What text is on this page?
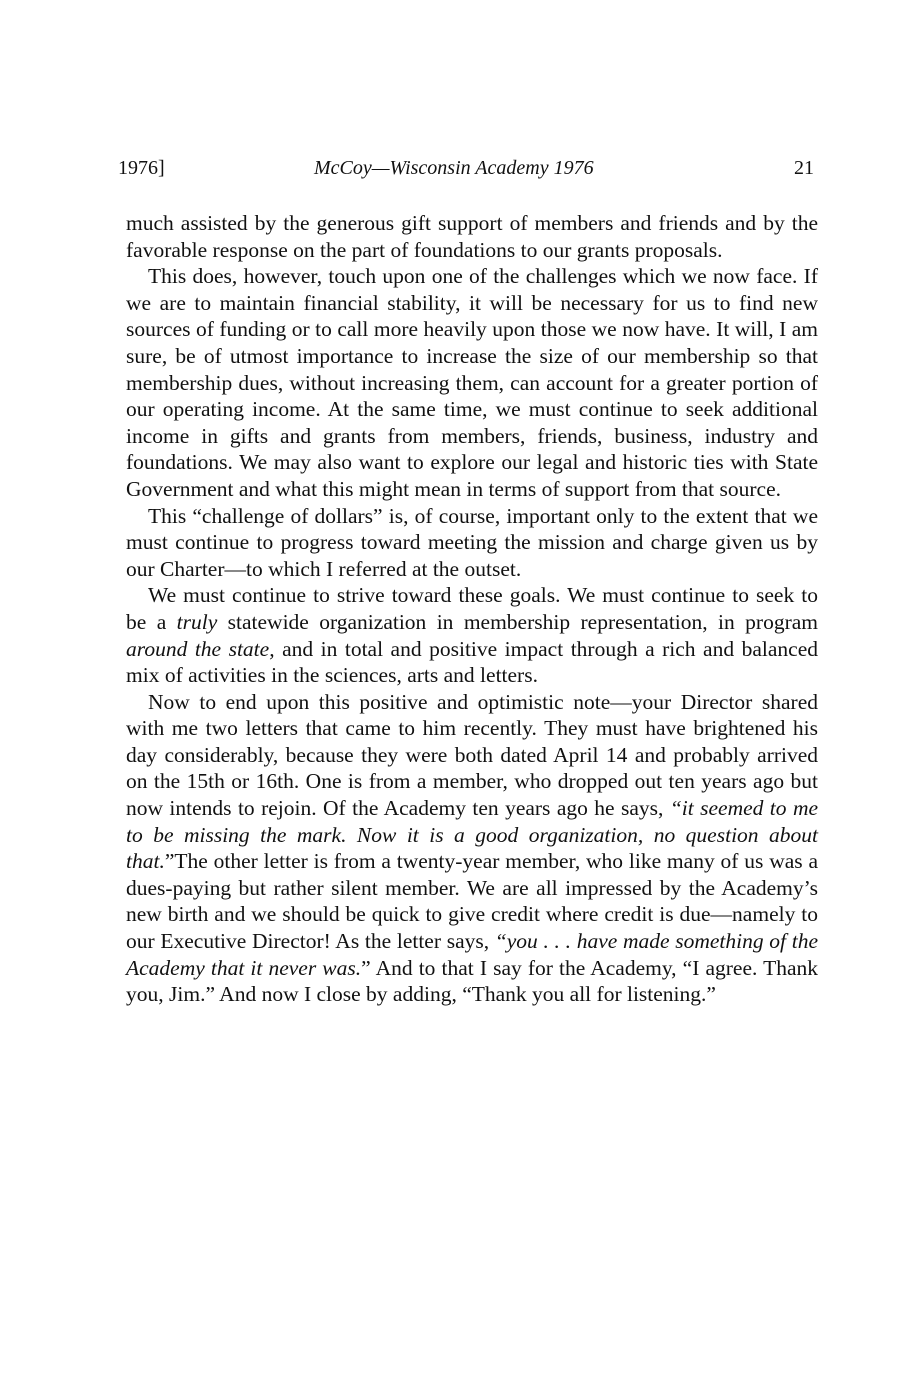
1976]	McCoy—Wisconsin Academy 1976	21

much assisted by the generous gift support of members and friends and by the favorable response on the part of foundations to our grants proposals.

This does, however, touch upon one of the challenges which we now face. If we are to maintain financial stability, it will be necessary for us to find new sources of funding or to call more heavily upon those we now have. It will, I am sure, be of utmost importance to increase the size of our membership so that membership dues, without increasing them, can account for a greater portion of our operating income. At the same time, we must continue to seek additional income in gifts and grants from members, friends, business, industry and foundations. We may also want to explore our legal and historic ties with State Government and what this might mean in terms of support from that source.

This “challenge of dollars” is, of course, important only to the extent that we must continue to progress toward meeting the mission and charge given us by our Charter—to which I referred at the outset.

We must continue to strive toward these goals. We must continue to seek to be a truly statewide organization in membership representation, in program around the state, and in total and positive impact through a rich and balanced mix of activities in the sciences, arts and letters.

Now to end upon this positive and optimistic note—your Director shared with me two letters that came to him recently. They must have brightened his day considerably, because they were both dated April 14 and probably arrived on the 15th or 16th. One is from a member, who dropped out ten years ago but now intends to rejoin. Of the Academy ten years ago he says, “it seemed to me to be missing the mark. Now it is a good organization, no question about that.”The other letter is from a twenty-year member, who like many of us was a dues-paying but rather silent member. We are all impressed by the Academy’s new birth and we should be quick to give credit where credit is due—namely to our Executive Director! As the letter says, “you . . . have made something of the Academy that it never was.” And to that I say for the Academy, “I agree. Thank you, Jim.” And now I close by adding, “Thank you all for listening.”
